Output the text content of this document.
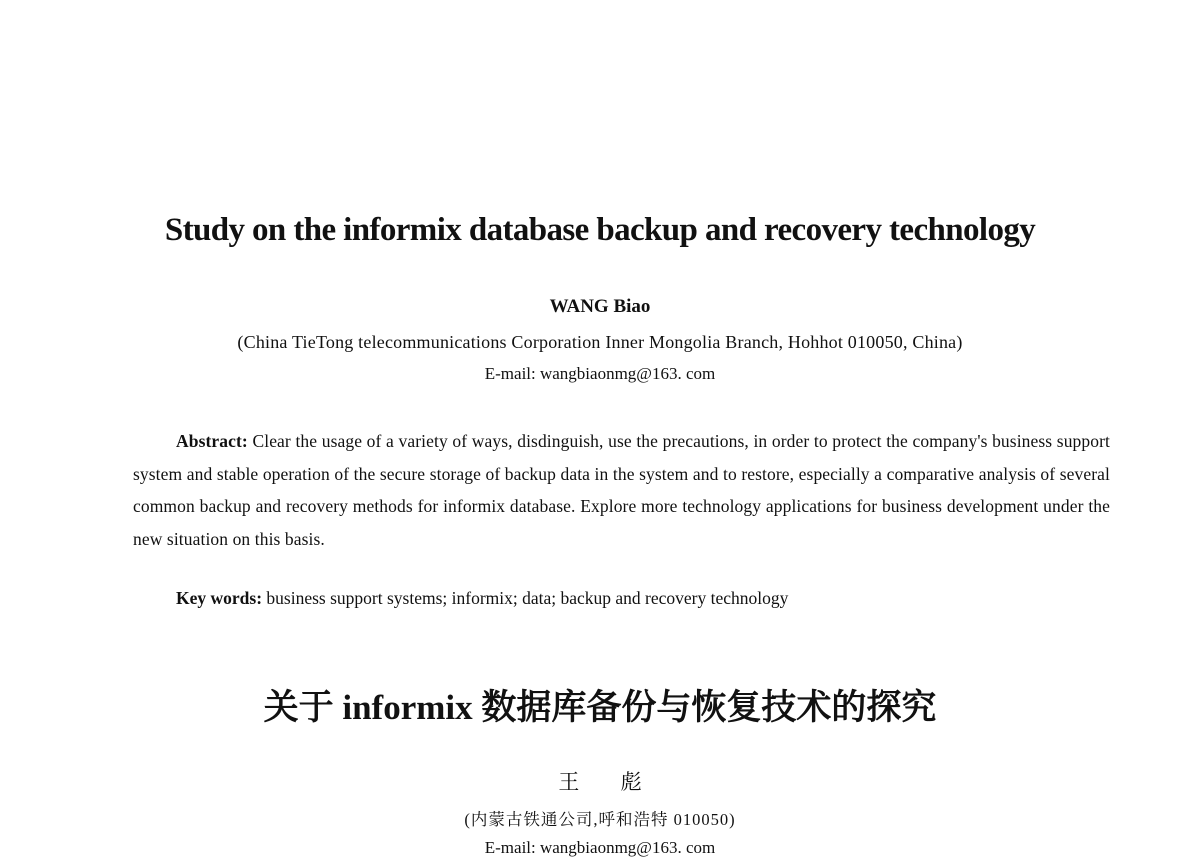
Study on the informix database backup and recovery technology
WANG Biao
(China TieTong telecommunications Corporation Inner Mongolia Branch, Hohhot 010050, China)
E-mail: wangbiaonmg@163. com

Abstract: Clear the usage of a variety of ways, disdinguish, use the precautions, in order to protect the company's business support system and stable operation of the secure storage of backup data in the system and to restore, especially a comparative analysis of several common backup and recovery methods for informix database. Explore more technology applications for business development under the new situation on this basis.

Key words: business support systems; informix; data; backup and recovery technology

关于 informix 数据库备份与恢复技术的探究
王 彪
(内蒙古铁通公司,呼和浩特 010050)
E-mail: wangbiaonmg@163. com
